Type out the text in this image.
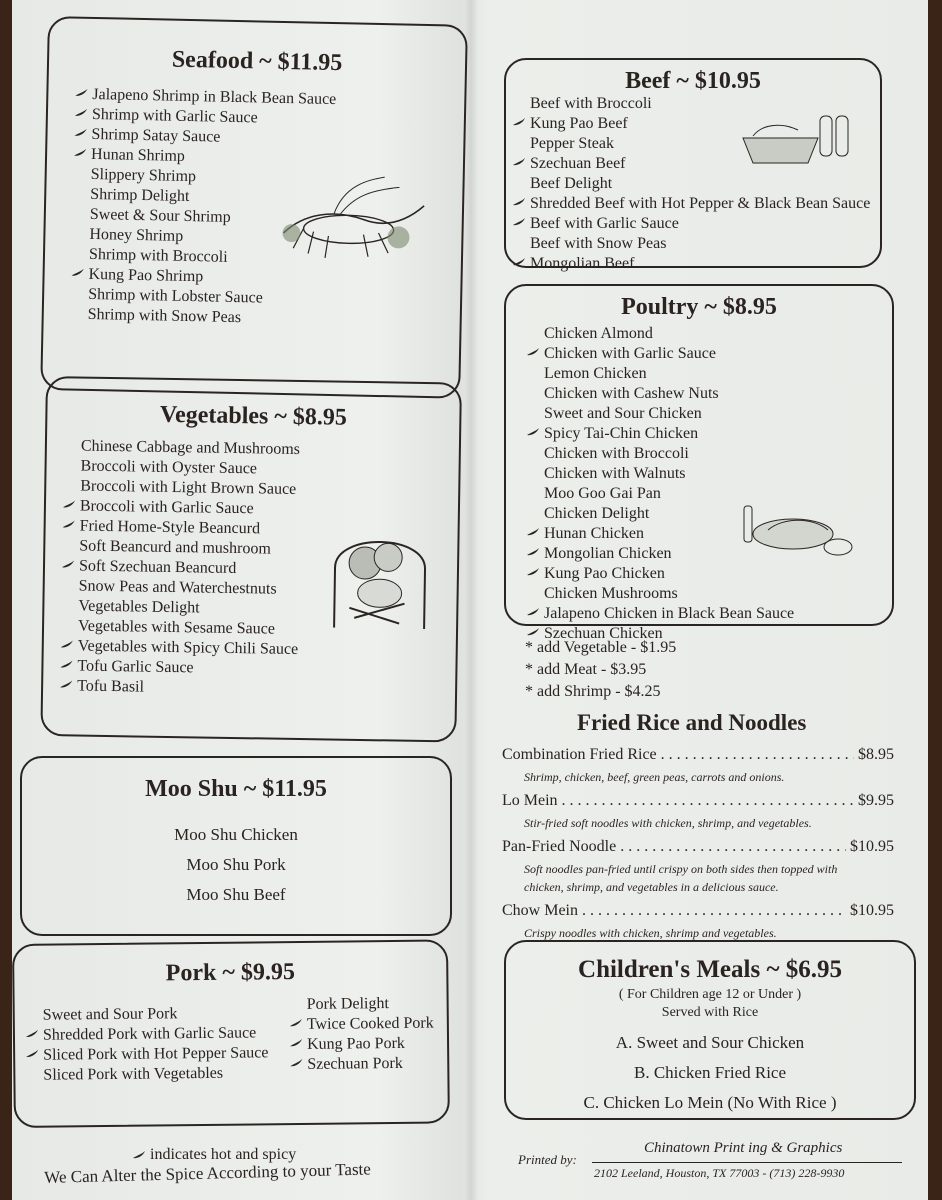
Seafood ~ $11.95
Jalapeno Shrimp in Black Bean Sauce
Shrimp with Garlic Sauce
Shrimp Satay Sauce
Hunan Shrimp
Slippery Shrimp
Shrimp Delight
Sweet & Sour Shrimp
Honey Shrimp
Shrimp with Broccoli
Kung Pao Shrimp
Shrimp with Lobster Sauce
Shrimp with Snow Peas
Vegetables ~ $8.95
Chinese Cabbage and Mushrooms
Broccoli with Oyster Sauce
Broccoli with Light Brown Sauce
Broccoli with Garlic Sauce
Fried Home-Style Beancurd
Soft Beancurd and mushroom
Soft Szechuan Beancurd
Snow Peas and Waterchestnuts
Vegetables Delight
Vegetables with Sesame Sauce
Vegetables with Spicy Chili Sauce
Tofu Garlic Sauce
Tofu Basil
Moo Shu ~ $11.95
Moo Shu Chicken
Moo Shu Pork
Moo Shu Beef
Pork ~ $9.95
Sweet and Sour Pork
Shredded Pork with Garlic Sauce
Sliced Pork with Hot Pepper Sauce
Sliced Pork with Vegetables
Pork Delight
Twice Cooked Pork
Kung Pao Pork
Szechuan Pork
indicates hot and spicy
We Can Alter the Spice According to your Taste
Beef ~ $10.95
Beef with Broccoli
Kung Pao Beef
Pepper Steak
Szechuan Beef
Beef Delight
Shredded Beef with Hot Pepper & Black Bean Sauce
Beef with Garlic Sauce
Beef with Snow Peas
Mongolian Beef
Poultry ~ $8.95
Chicken Almond
Chicken with Garlic Sauce
Lemon Chicken
Chicken with Cashew Nuts
Sweet and Sour Chicken
Spicy Tai-Chin Chicken
Chicken with Broccoli
Chicken with Walnuts
Moo Goo Gai Pan
Chicken Delight
Hunan Chicken
Mongolian Chicken
Kung Pao Chicken
Chicken Mushrooms
Jalapeno Chicken in Black Bean Sauce
Szechuan Chicken
* add Vegetable - $1.95
* add Meat - $3.95
* add Shrimp - $4.25
Fried Rice and Noodles
Combination Fried Rice . . .	$8.95
Shrimp, chicken, beef, green peas, carrots and onions.
Lo Mein . . .	$9.95
Stir-fried soft noodles with chicken, shrimp, and vegetables.
Pan-Fried Noodle . . .	$10.95
Soft noodles pan-fried until crispy on both sides then topped with
chicken, shrimp, and vegetables in a delicious sauce.
Chow Mein . . .	$10.95
Crispy noodles with chicken, shrimp and vegetables.
Children's Meals ~ $6.95
( For Children age 12 or Under )
Served with Rice
A. Sweet and Sour Chicken
B. Chicken Fried Rice
C. Chicken Lo Mein (No With Rice )
Printed by:
Chinatown Print ing & Graphics
2102 Leeland, Houston, TX 77003 - (713) 228-9930
